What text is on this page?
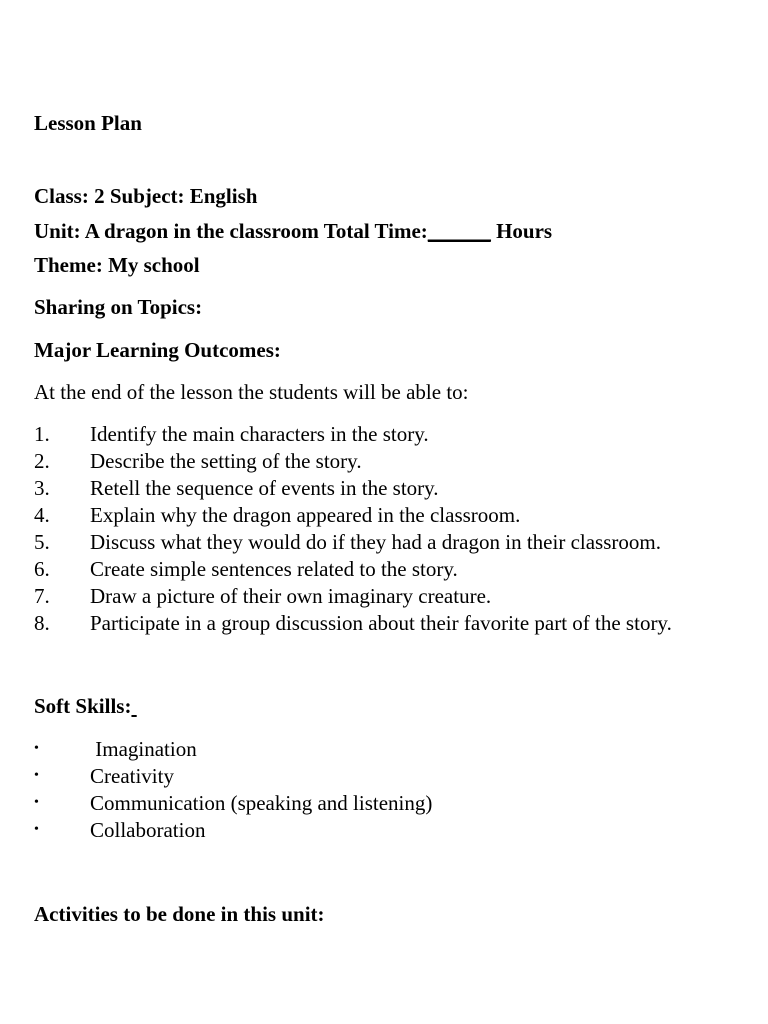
Lesson Plan
Class: 2 Subject: English
Unit: A dragon in the classroom Total Time:______ Hours
Theme: My school
Sharing on Topics:
Major Learning Outcomes:
At the end of the lesson the students will be able to:
1. Identify the main characters in the story.
2. Describe the setting of the story.
3. Retell the sequence of events in the story.
4. Explain why the dragon appeared in the classroom.
5. Discuss what they would do if they had a dragon in their classroom.
6. Create simple sentences related to the story.
7. Draw a picture of their own imaginary creature.
8. Participate in a group discussion about their favorite part of the story.
Soft Skills:
• Imagination
• Creativity
• Communication (speaking and listening)
• Collaboration
Activities to be done in this unit:
